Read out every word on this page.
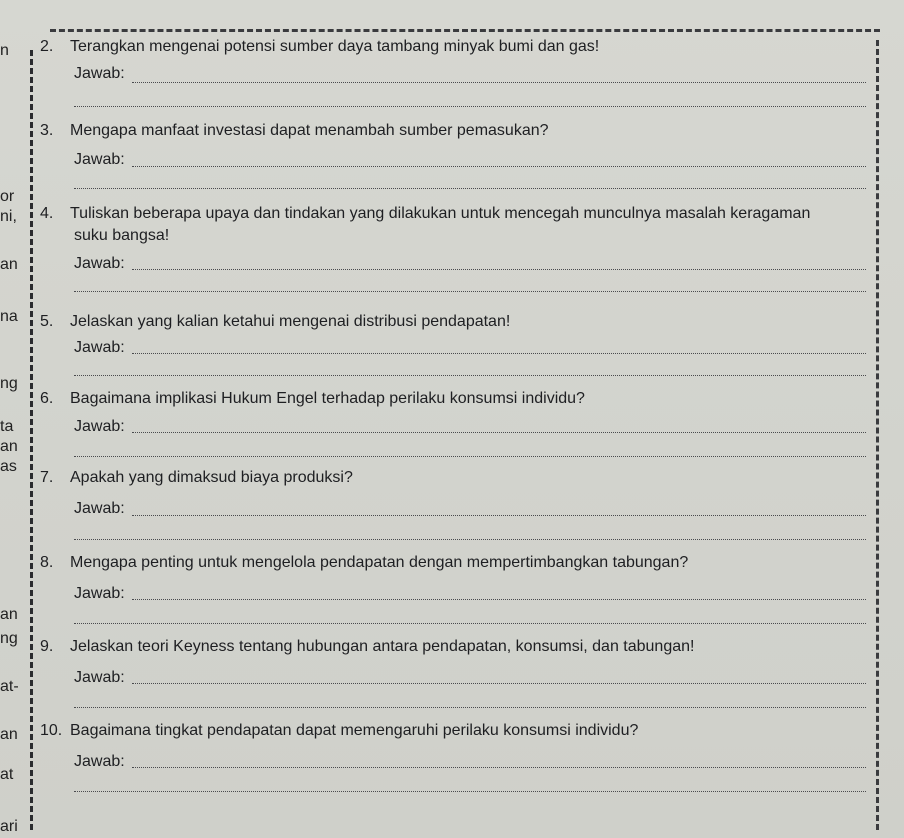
n
or
ni,
an
na
ng
ta
an
as
an
ng
at-
an
at
ari
2. Terangkan mengenai potensi sumber daya tambang minyak bumi dan gas!
Jawab:
3. Mengapa manfaat investasi dapat menambah sumber pemasukan?
Jawab:
4. Tuliskan beberapa upaya dan tindakan yang dilakukan untuk mencegah munculnya masalah keragaman
suku bangsa!
Jawab:
5. Jelaskan yang kalian ketahui mengenai distribusi pendapatan!
Jawab:
6. Bagaimana implikasi Hukum Engel terhadap perilaku konsumsi individu?
Jawab:
7. Apakah yang dimaksud biaya produksi?
Jawab:
8. Mengapa penting untuk mengelola pendapatan dengan mempertimbangkan tabungan?
Jawab:
9. Jelaskan teori Keyness tentang hubungan antara pendapatan, konsumsi, dan tabungan!
Jawab:
10. Bagaimana tingkat pendapatan dapat memengaruhi perilaku konsumsi individu?
Jawab:
